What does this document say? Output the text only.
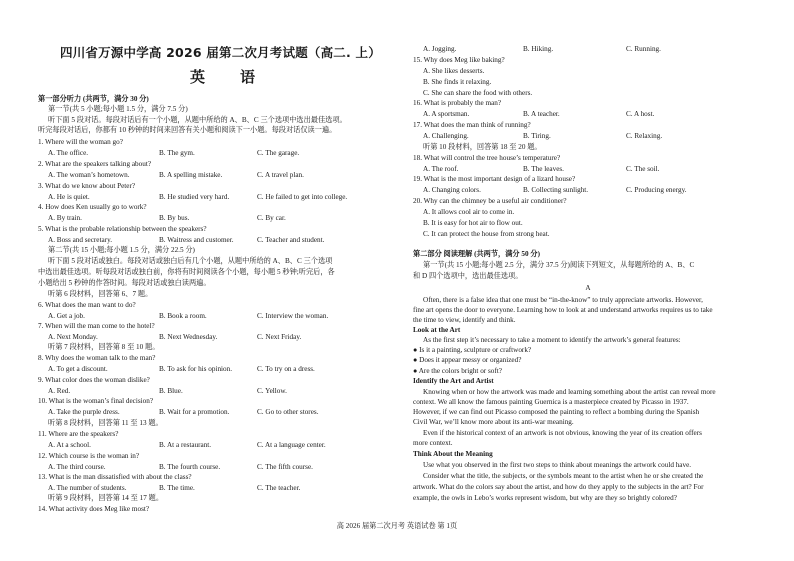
四川省万源中学高 2026 届第二次月考试题（高二. 上）
英　语
第一部分听力 (共两节，满分 30 分)
第一节(共 5 小题;每小题 1.5 分，满分 7.5 分)
听下面 5 段对话。每段对话后有一个小题，从题中所给的 A、B、C 三个选项中选出最佳选项。
听完每段对话后，你都有 10 秒钟的时间来回答有关小题和阅读下一小题。每段对话仅读一遍。
1. Where will the woman go?
A. The office.	B. The gym.	C. The garage.
2. What are the speakers talking about?
A. The woman’s hometown.	B. A spelling mistake.	C. A travel plan.
3. What do we know about Peter?
A. He is quiet.	B. He studied very hard.	C. He failed to get into college.
4. How does Ken usually go to work?
A. By train.	B. By bus.	C. By car.
5. What is the probable relationship between the speakers?
A. Boss and secretary.	B. Waitress and customer.	C. Teacher and student.
第二节(共 15 小题;每小题 1.5 分，满分 22.5 分)
听下面 5 段对话或独白。每段对话或独白后有几个小题，从题中所给的 A、B、C 三个选项
中选出最佳选项。听每段对话或独白前，你将有时间阅读各个小题，每小题 5 秒钟;听完后，各
小题给出 5 秒钟的作答时间。每段对话或独白读两遍。
听第 6 段材料，回答第 6、7 题。
6. What does the man want to do?
A. Get a job.	B. Book a room.	C. Interview the woman.
7. When will the man come to the hotel?
A. Next Monday.	B. Next Wednesday.	C. Next Friday.
听第 7 段材料，回答第 8 至 10 题。
8. Why does the woman talk to the man?
A. To get a discount.	B. To ask for his opinion.	C. To try on a dress.
9. What color does the woman dislike?
A. Red.	B. Blue.	C. Yellow.
10. What is the woman’s final decision?
A. Take the purple dress.	B. Wait for a promotion.	C. Go to other stores.
听第 8 段材料，回答第 11 至 13 题。
11. Where are the speakers?
A. At a school.	B. At a restaurant.	C. At a language center.
12. Which course is the woman in?
A. The third course.	B. The fourth course.	C. The fifth course.
13. What is the man dissatisfied with about the class?
A. The number of students.	B. The time.	C. The teacher.
听第 9 段材料，回答第 14 至 17 题。
14. What activity does Meg like most?
A. Jogging.	B. Hiking.	C. Running.
15. Why does Meg like baking?
A. She likes desserts.
B. She finds it relaxing.
C. She can share the food with others.
16. What is probably the man?
A. A sportsman.	B. A teacher.	C. A host.
17. What does the man think of running?
A. Challenging.	B. Tiring.	C. Relaxing.
听第 10 段材料，回答第 18 至 20 题。
18. What will control the tree house’s temperature?
A. The roof.	B. The leaves.	C. The soil.
19. What is the most important design of a lizard house?
A. Changing colors.	B. Collecting sunlight.	C. Producing energy.
20. Why can the chimney be a useful air conditioner?
A. It allows cool air to come in.
B. It is easy for hot air to flow out.
C. It can protect the house from strong heat.
第二部分 阅读理解 (共两节，满分 50 分)
第一节(共 15 小题;每小题 2.5 分，满分 37.5 分)阅读下列短文，从每题所给的 A、B、C
和 D 四个选项中，选出最佳选项。
A
Often, there is a false idea that one must be “in-the-know” to truly appreciate artworks. However,
fine art opens the door to everyone. Learning how to look at and understand artworks requires us to take
the time to view, identify and think.
Look at the Art
As the first step it’s necessary to take a moment to identify the artwork’s general features:
● Is it a painting, sculpture or craftwork?
● Does it appear messy or organized?
● Are the colors bright or soft?
Identify the Art and Artist
Knowing when or how the artwork was made and learning something about the artist can reveal more
context. We all know the famous painting Guernica is a masterpiece created by Picasso in 1937.
However, if we can find out Picasso composed the painting to reflect a bombing during the Spanish
Civil War, we’ll know more about its anti-war meaning.
Even if the historical context of an artwork is not obvious, knowing the year of its creation offers
more context.
Think About the Meaning
Use what you observed in the first two steps to think about meanings the artwork could have.
Consider what the title, the subjects, or the symbols meant to the artist when he or she created the
artwork. What do the colors say about the artist, and how do they apply to the subjects in the art? For
example, the owls in Lebo’s works represent wisdom, but why are they so brightly colored?
高 2026 届第二次月考 英语试卷 第 1页
